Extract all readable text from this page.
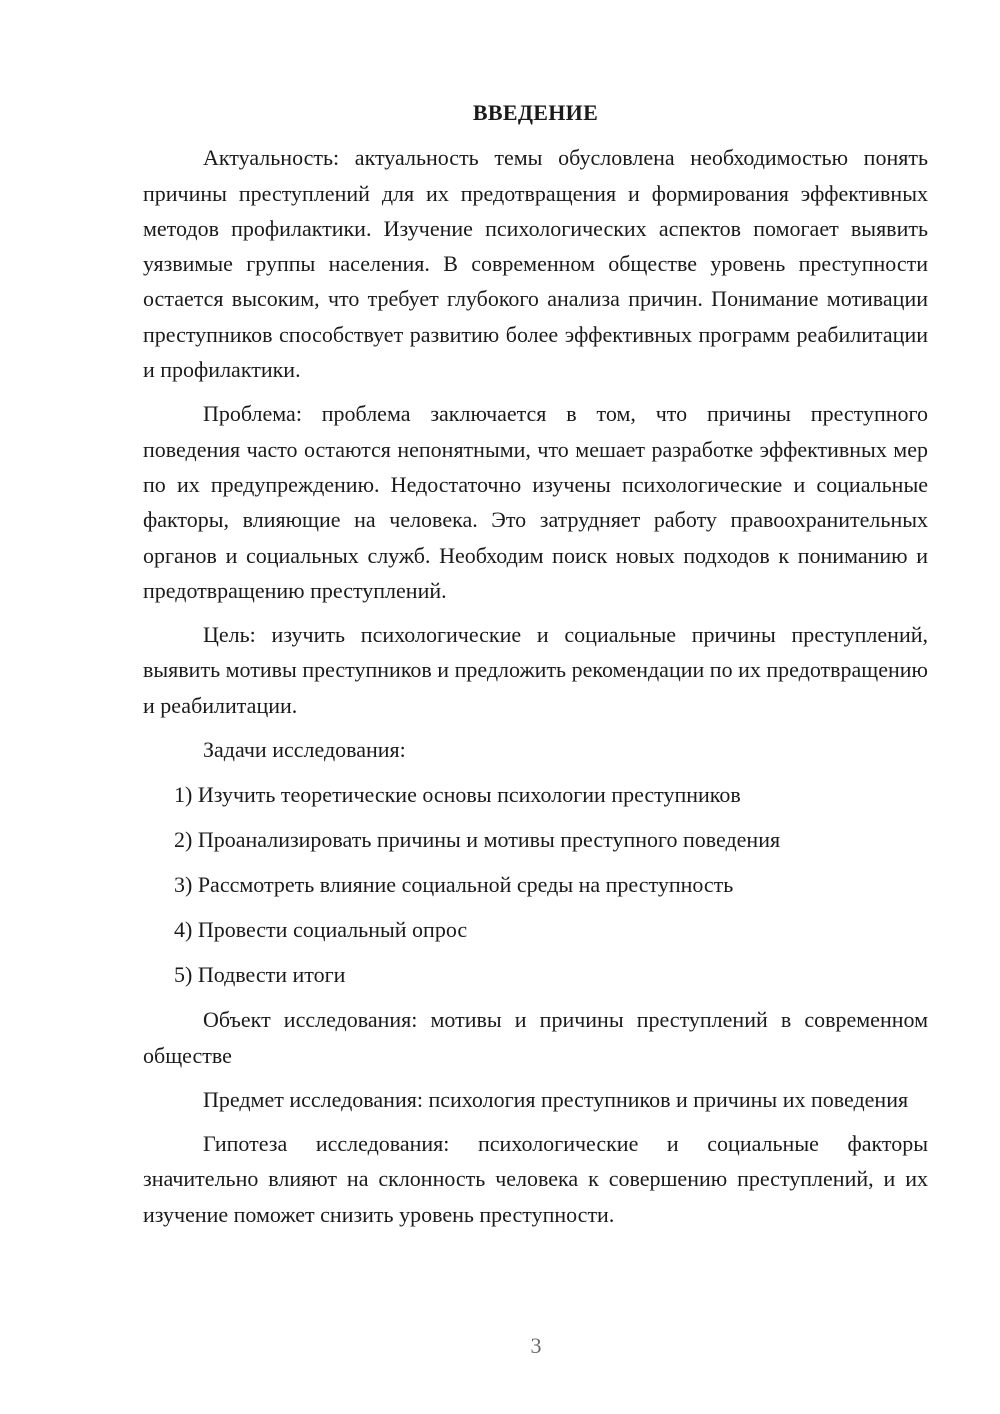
ВВЕДЕНИЕ

Актуальность: актуальность темы обусловлена необходимостью понять причины преступлений для их предотвращения и формирования эффективных методов профилактики. Изучение психологических аспектов помогает выявить уязвимые группы населения. В современном обществе уровень преступности остается высоким, что требует глубокого анализа причин. Понимание мотивации преступников способствует развитию более эффективных программ реабилитации и профилактики.

Проблема: проблема заключается в том, что причины преступного поведения часто остаются непонятными, что мешает разработке эффективных мер по их предупреждению. Недостаточно изучены психологические и социальные факторы, влияющие на человека. Это затрудняет работу правоохранительных органов и социальных служб. Необходим поиск новых подходов к пониманию и предотвращению преступлений.

Цель: изучить психологические и социальные причины преступлений, выявить мотивы преступников и предложить рекомендации по их предотвращению и реабилитации.

Задачи исследования:

1) Изучить теоретические основы психологии преступников
2) Проанализировать причины и мотивы преступного поведения
3) Рассмотреть влияние социальной среды на преступность
4) Провести социальный опрос
5) Подвести итоги

Объект исследования: мотивы и причины преступлений в современном обществе

Предмет исследования: психология преступников и причины их поведения

Гипотеза исследования: психологические и социальные факторы значительно влияют на склонность человека к совершению преступлений, и их изучение поможет снизить уровень преступности.

3
